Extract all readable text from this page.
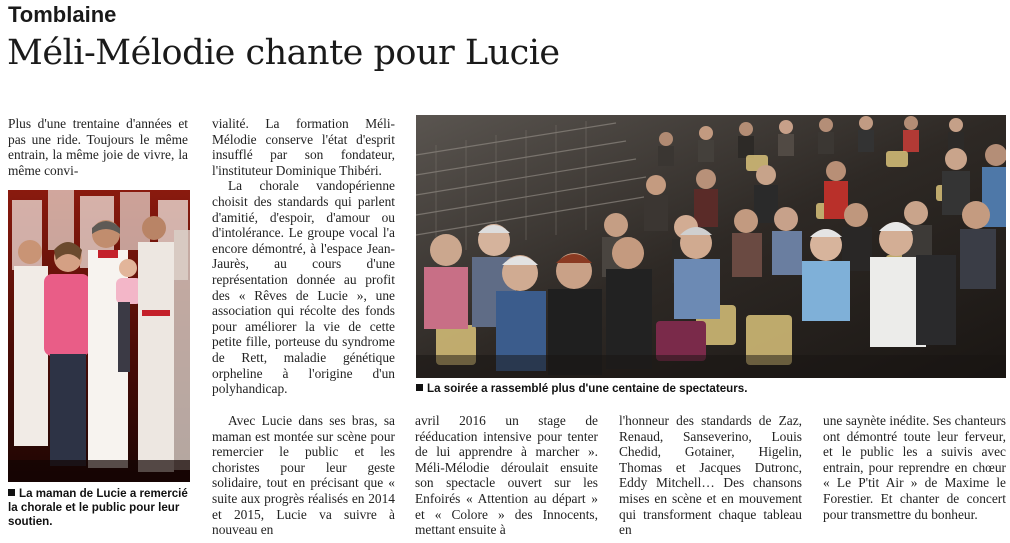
Tomblaine
Méli-Mélodie chante pour Lucie

Plus d'une trentaine d'années et pas une ride. Toujours le même entrain, la même joie de vivre, la même convi-

La maman de Lucie a remercié la chorale et le public pour leur soutien.

vialité. La formation Méli-Mélodie conserve l'état d'esprit insufflé par son fondateur, l'instituteur Dominique Thibéri.

La chorale vandopérienne choisit des standards qui parlent d'amitié, d'espoir, d'amour ou d'intolérance. Le groupe vocal l'a encore démontré, à l'espace Jean-Jaurès, au cours d'une représentation donnée au profit des « Rêves de Lucie », une association qui récolte des fonds pour améliorer la vie de cette petite fille, porteuse du syndrome de Rett, maladie génétique orpheline à l'origine d'un polyhandicap.

Avec Lucie dans ses bras, sa maman est montée sur scène pour remercier le public et les choristes pour leur geste solidaire, tout en précisant que « suite aux progrès réalisés en 2014 et 2015, Lucie va suivre à nouveau en

La soirée a rassemblé plus d'une centaine de spectateurs.

avril 2016 un stage de rééducation intensive pour tenter de lui apprendre à marcher ». Méli-Mélodie déroulait ensuite son spectacle ouvert sur les Enfoirés « Attention au départ » et « Colore » des Innocents, mettant ensuite à

l'honneur des standards de Zaz, Renaud, Sanseverino, Louis Chedid, Gotainer, Higelin, Thomas et Jacques Dutronc, Eddy Mitchell… Des chansons mises en scène et en mouvement qui transforment chaque tableau en

une saynète inédite. Ses chanteurs ont démontré toute leur ferveur, et le public les a suivis avec entrain, pour reprendre en chœur « Le P'tit Air » de Maxime le Forestier. Et chanter de concert pour transmettre du bonheur.
